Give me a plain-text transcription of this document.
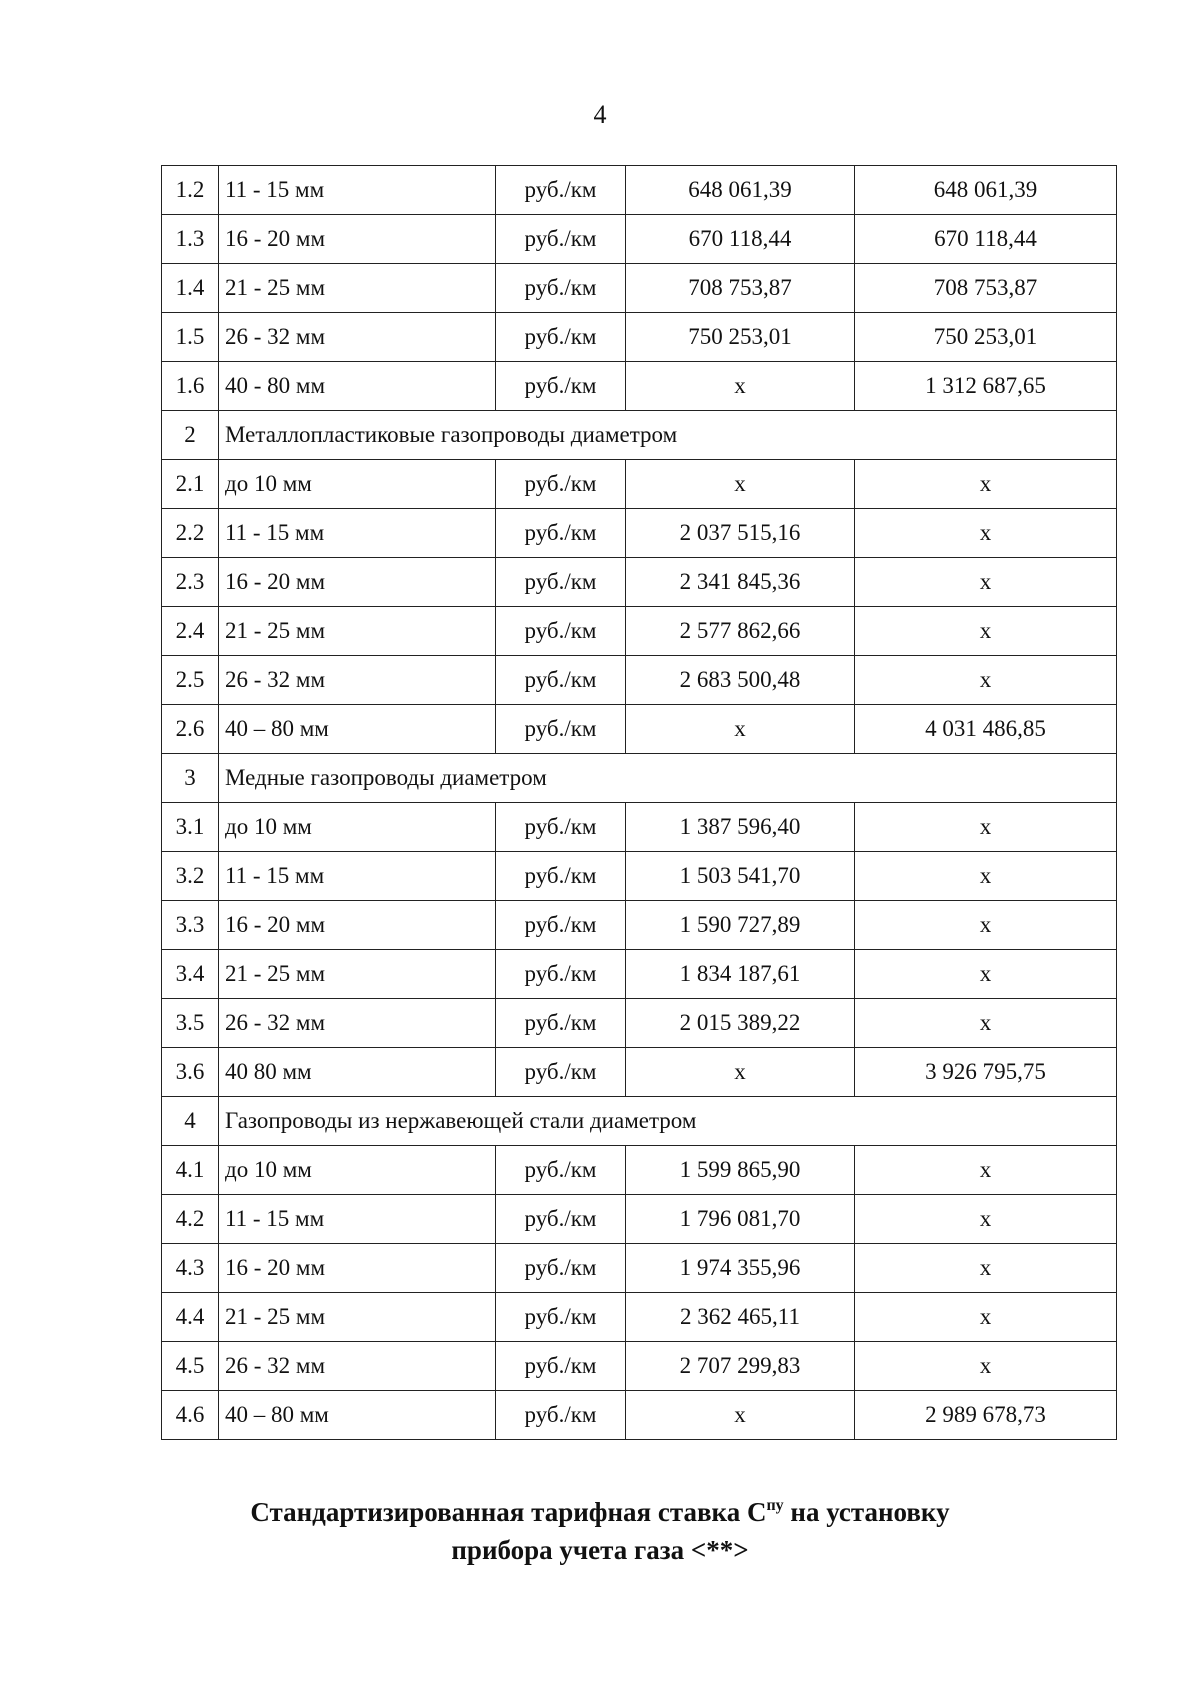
4
1.2	11 - 15 мм	руб./км	648 061,39	648 061,39
1.3	16 - 20 мм	руб./км	670 118,44	670 118,44
1.4	21 - 25 мм	руб./км	708 753,87	708 753,87
1.5	26 - 32 мм	руб./км	750 253,01	750 253,01
1.6	40 - 80 мм	руб./км	х	1 312 687,65
2	Металлопластиковые газопроводы диаметром			
2.1	до 10 мм	руб./км	х	х
2.2	11 - 15 мм	руб./км	2 037 515,16	х
2.3	16 - 20 мм	руб./км	2 341 845,36	х
2.4	21 - 25 мм	руб./км	2 577 862,66	х
2.5	26 - 32 мм	руб./км	2 683 500,48	х
2.6	40 – 80 мм	руб./км	х	4 031 486,85
3	Медные газопроводы диаметром			
3.1	до 10 мм	руб./км	1 387 596,40	х
3.2	11 - 15 мм	руб./км	1 503 541,70	х
3.3	16 - 20 мм	руб./км	1 590 727,89	х
3.4	21 - 25 мм	руб./км	1 834 187,61	х
3.5	26 - 32 мм	руб./км	2 015 389,22	х
3.6	40 80 мм	руб./км	х	3 926 795,75
4	Газопроводы из нержавеющей стали диаметром			
4.1	до 10 мм	руб./км	1 599 865,90	х
4.2	11 - 15 мм	руб./км	1 796 081,70	х
4.3	16 - 20 мм	руб./км	1 974 355,96	х
4.4	21 - 25 мм	руб./км	2 362 465,11	х
4.5	26 - 32 мм	руб./км	2 707 299,83	х
4.6	40 – 80 мм	руб./км	х	2 989 678,73
Стандартизированная тарифная ставка $С^{пу}$ на установку
прибора учета газа <**>
